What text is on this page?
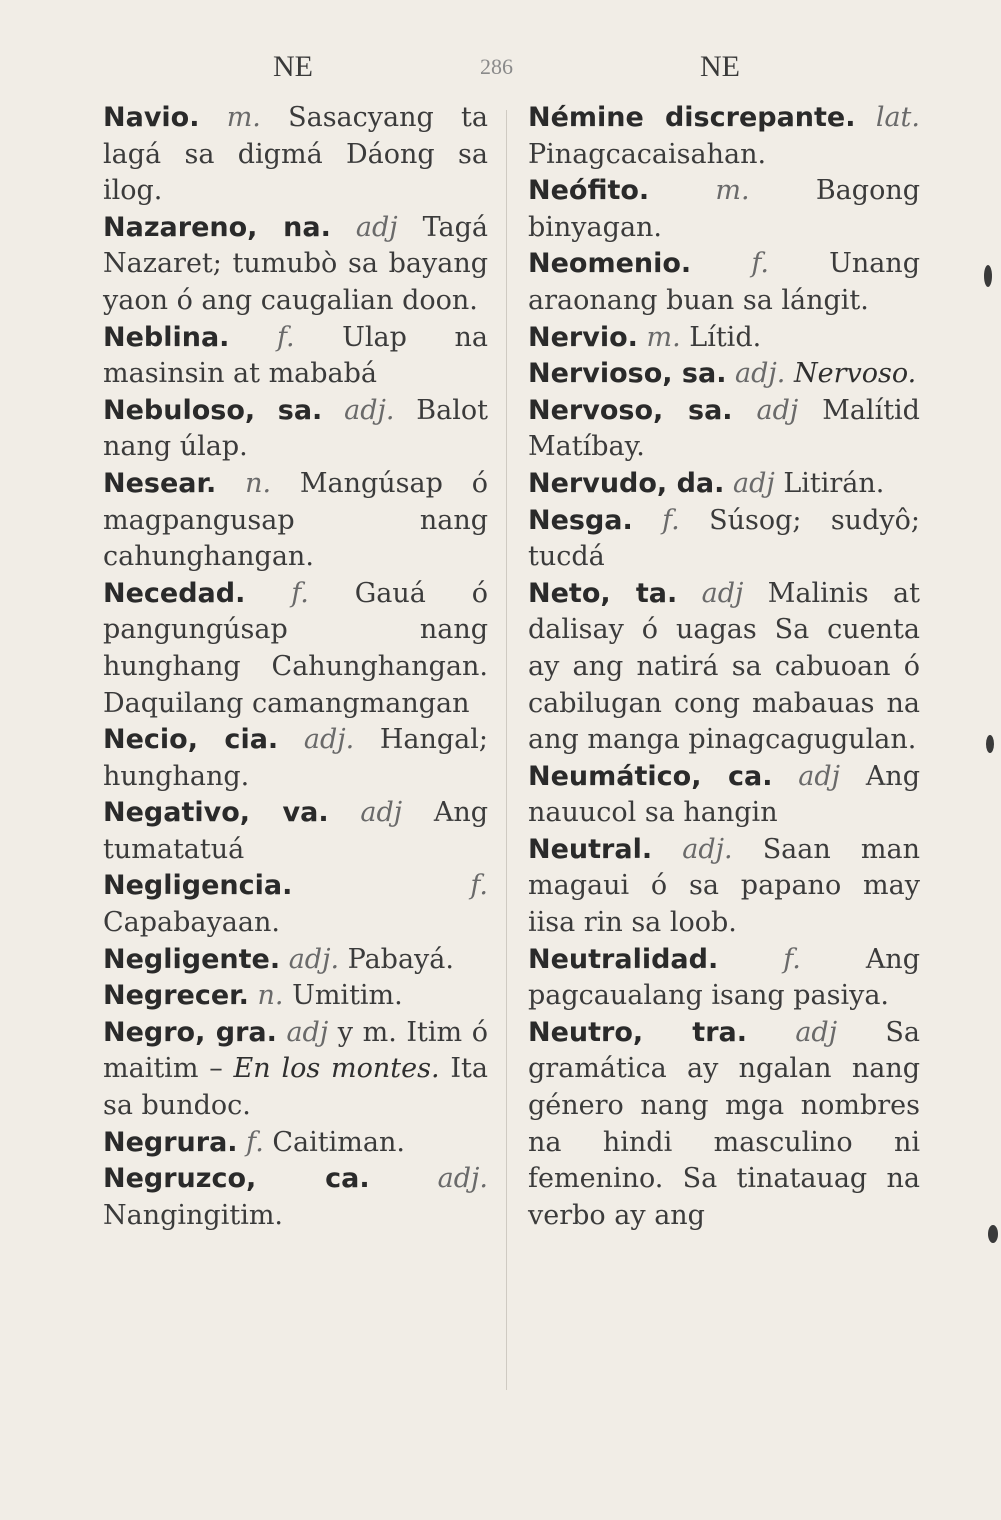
NE	286	NE

Navio. m. Sasacyang ta lagá sa digmá Dáong sa ilog.

Nazareno, na. adj Tagá Nazaret; tumubò sa bayang yaon ó ang caugalian doon.

Neblina. f. Ulap na masinsin at mababá

Nebuloso, sa. adj. Balot nang úlap.

Nesear. n. Mangúsap ó magpangusap nang cahunghangan.

Necedad. f. Gauá ó pangungúsap nang hunghang Cahunghangan. Daquilang camangmangan

Necio, cia. adj. Hangal; hunghang.

Negativo, va. adj Ang tumatatuá

Negligencia.	f. Capabayaan.

Negligente. adj. Pabayá.

Negrecer. n. Umitim.

Negro, gra. adj y m. Itim ó maitim – En los montes. Ita sa bundoc.

Negrura. f. Caitiman.

Negruzco, ca.	adj. Nangingitim.

Némine discrepante. lat. Pinagcacaisahan.

Neófito. m. Bagong binyagan.

Neomenio. f. Unang araonang buan sa lángit.

Nervio. m. Lítid.

Nervioso, sa. adj. Nervoso.

Nervoso, sa. adj Malítid Matíbay.

Nervudo, da. adj Litirán.

Nesga. f. Súsog; sudyô; tucdá

Neto, ta. adj Malinis at dalisay ó uagas Sa cuenta ay ang natirá sa cabuoan ó cabilugan cong mabauas na ang manga pinagcagugulan.

Neumático, ca. adj Ang nauucol sa hangin

Neutral. adj. Saan man magaui ó sa papano may iisa rin sa loob.

Neutralidad. f. Ang pagcaualang isang pasiya.

Neutro, tra. adj Sa gramática ay ngalan nang género nang mga nombres na hindi masculino ni femenino. Sa tinatauag na verbo ay ang
